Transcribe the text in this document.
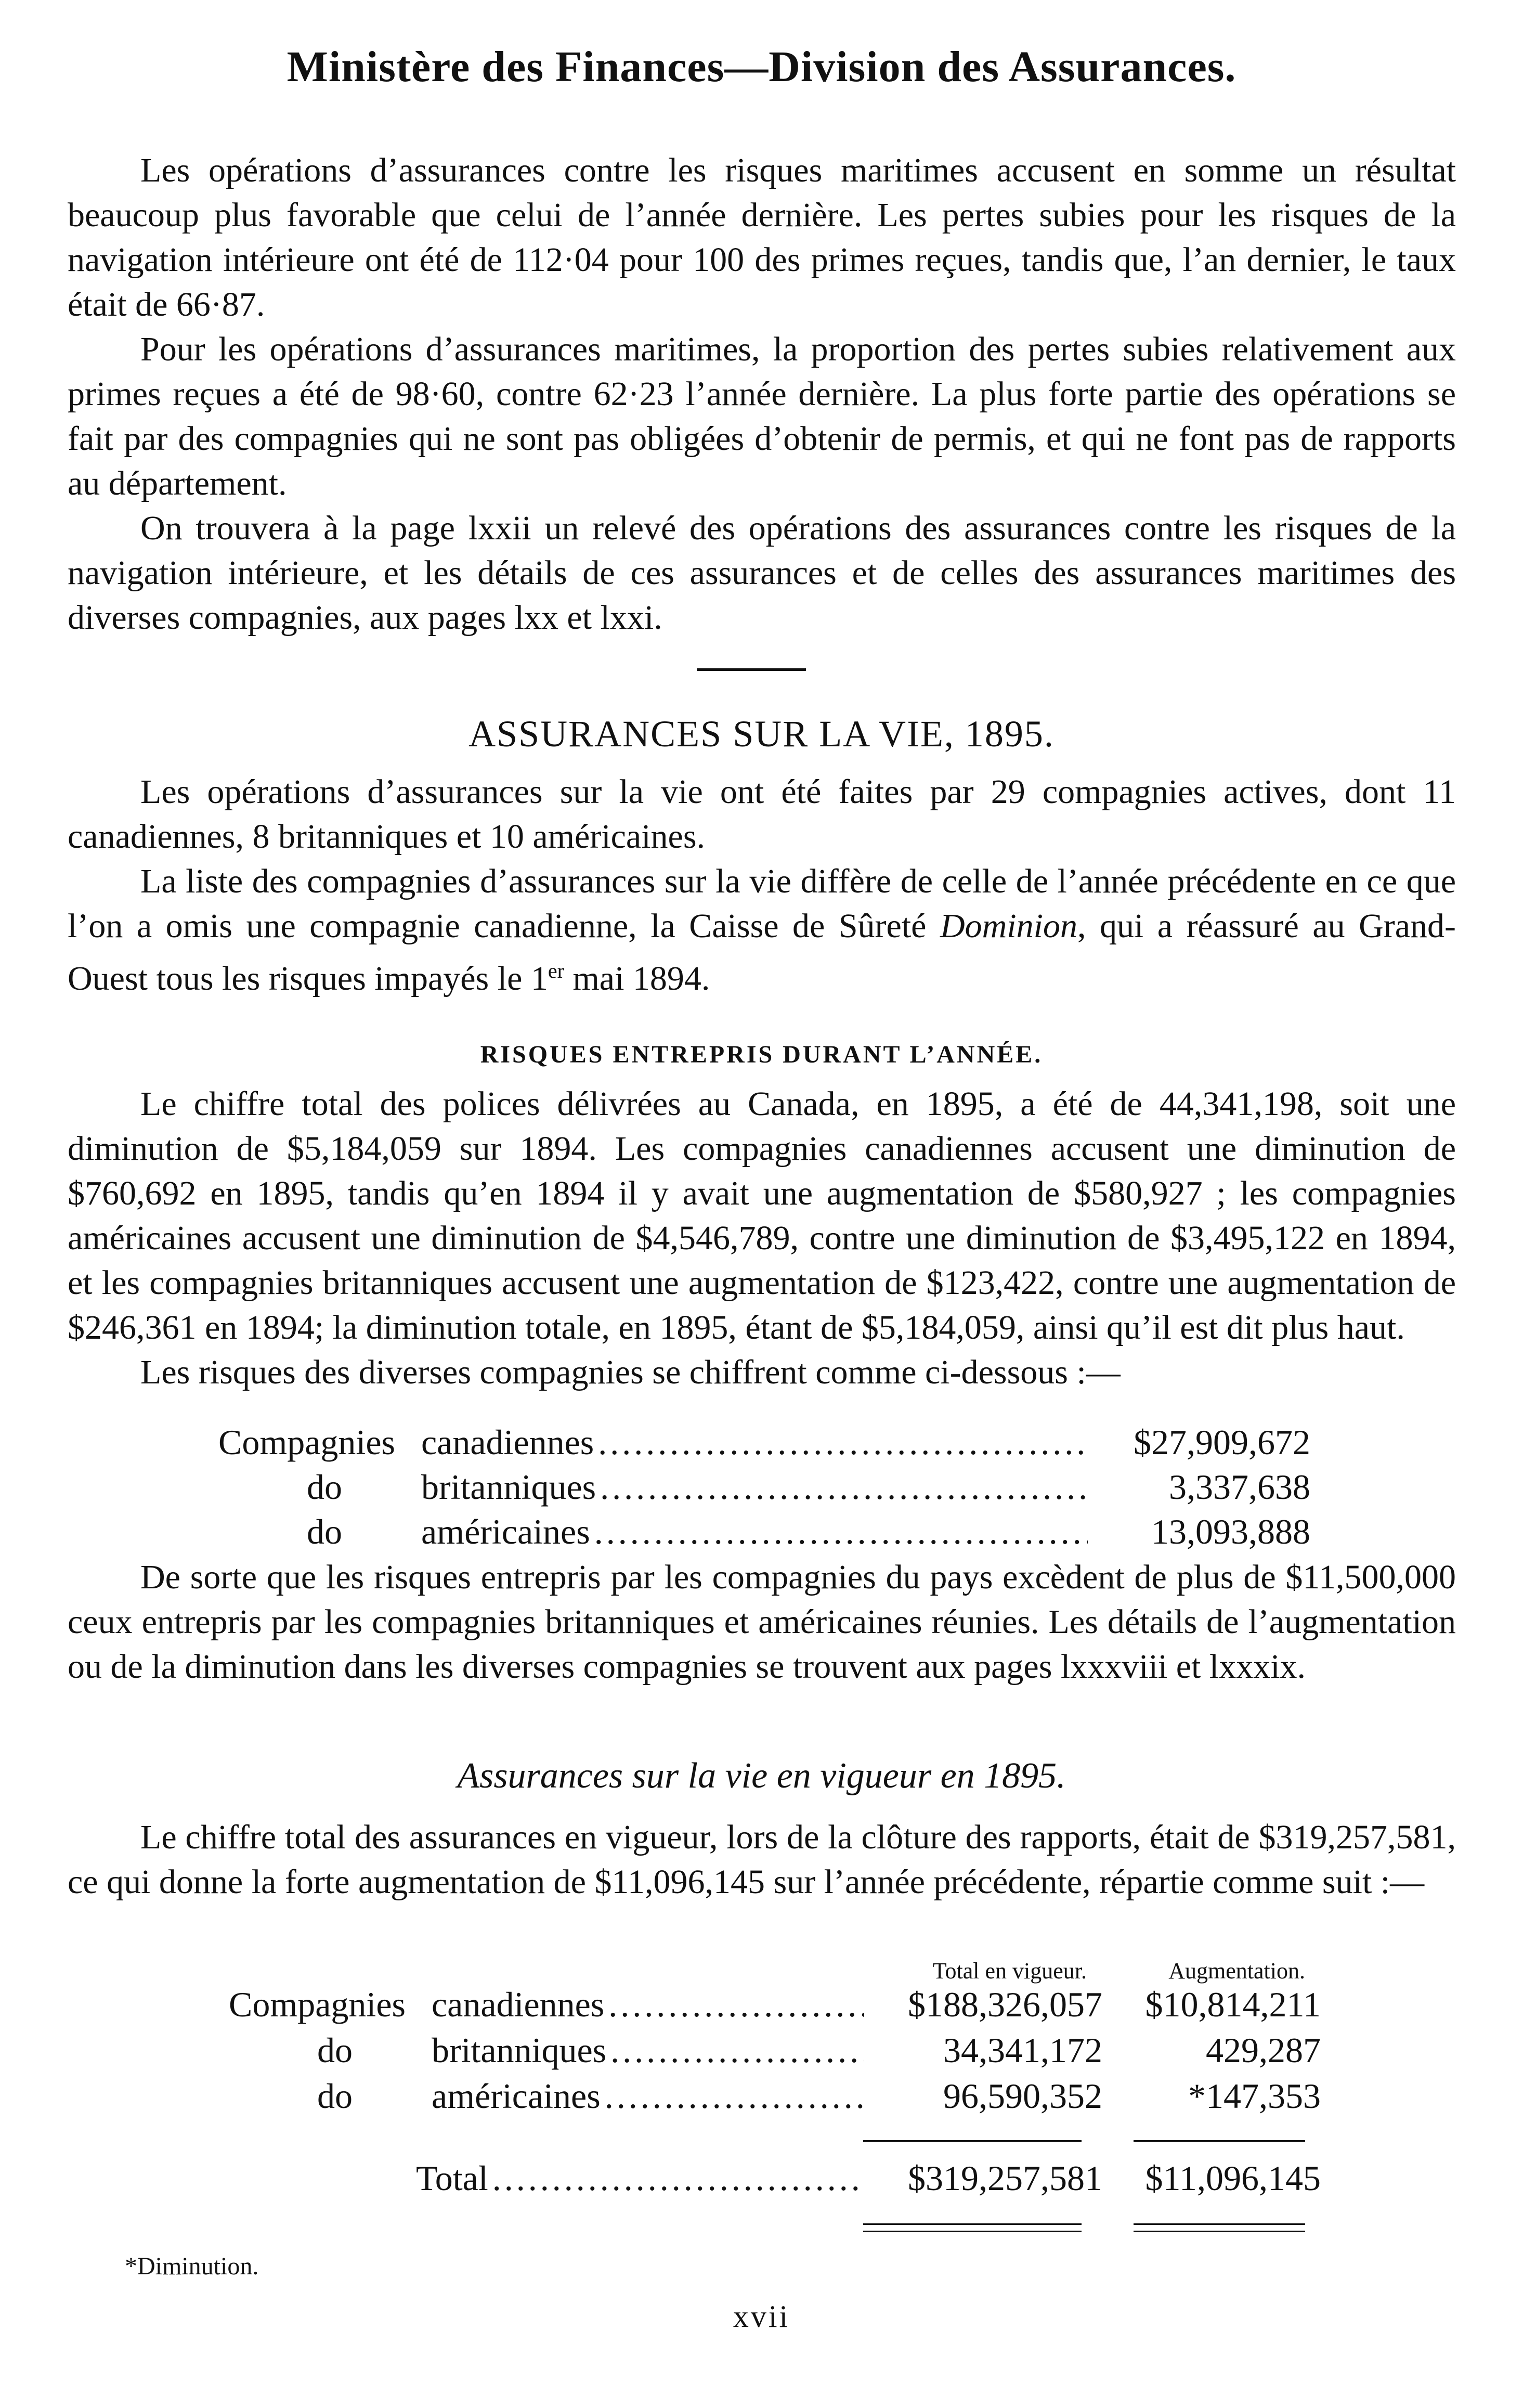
Ministère des Finances—Division des Assurances.

Les opérations d’assurances contre les risques maritimes accusent en somme un résultat beaucoup plus favorable que celui de l’année dernière. Les pertes subies pour les risques de la navigation intérieure ont été de 112·04 pour 100 des primes reçues, tandis que, l’an dernier, le taux était de 66·87.

Pour les opérations d’assurances maritimes, la proportion des pertes subies relativement aux primes reçues a été de 98·60, contre 62·23 l’année dernière. La plus forte partie des opérations se fait par des compagnies qui ne sont pas obligées d’obtenir de permis, et qui ne font pas de rapports au département.

On trouvera à la page lxxii un relevé des opérations des assurances contre les risques de la navigation intérieure, et les détails de ces assurances et de celles des assurances maritimes des diverses compagnies, aux pages lxx et lxxi.

ASSURANCES SUR LA VIE, 1895.

Les opérations d’assurances sur la vie ont été faites par 29 compagnies actives, dont 11 canadiennes, 8 britanniques et 10 américaines.

La liste des compagnies d’assurances sur la vie diffère de celle de l’année précédente en ce que l’on a omis une compagnie canadienne, la Caisse de Sûreté Dominion, qui a réassuré au Grand-Ouest tous les risques impayés le 1er mai 1894.

RISQUES ENTREPRIS DURANT L’ANNÉE.

Le chiffre total des polices délivrées au Canada, en 1895, a été de 44,341,198, soit une diminution de $5,184,059 sur 1894. Les compagnies canadiennes accusent une diminution de $760,692 en 1895, tandis qu’en 1894 il y avait une augmentation de $580,927 ; les compagnies américaines accusent une diminution de $4,546,789, contre une diminution de $3,495,122 en 1894, et les compagnies britanniques accusent une augmentation de $123,422, contre une augmentation de $246,361 en 1894; la diminution totale, en 1895, étant de $5,184,059, ainsi qu’il est dit plus haut.

Les risques des diverses compagnies se chiffrent comme ci-dessous :—

Compagnies canadiennes .....	$27,909,672
do	britanniques .....	3,337,638
do	américaines .....	13,093,888

De sorte que les risques entrepris par les compagnies du pays excèdent de plus de $11,500,000 ceux entrepris par les compagnies britanniques et américaines réunies. Les détails de l’augmentation ou de la diminution dans les diverses compagnies se trouvent aux pages lxxxviii et lxxxix.

Assurances sur la vie en vigueur en 1895.

Le chiffre total des assurances en vigueur, lors de la clôture des rapports, était de $319,257,581, ce qui donne la forte augmentation de $11,096,145 sur l’année précédente, répartie comme suit :—

Total en vigueur.	Augmentation.
Compagnies canadiennes .....	$188,326,057	$10,814,211
do	britanniques .....	34,341,172	429,287
do	américaines .....	96,590,352	*147,353
Total .....	$319,257,581	$11,096,145
*Diminution.
xvii
